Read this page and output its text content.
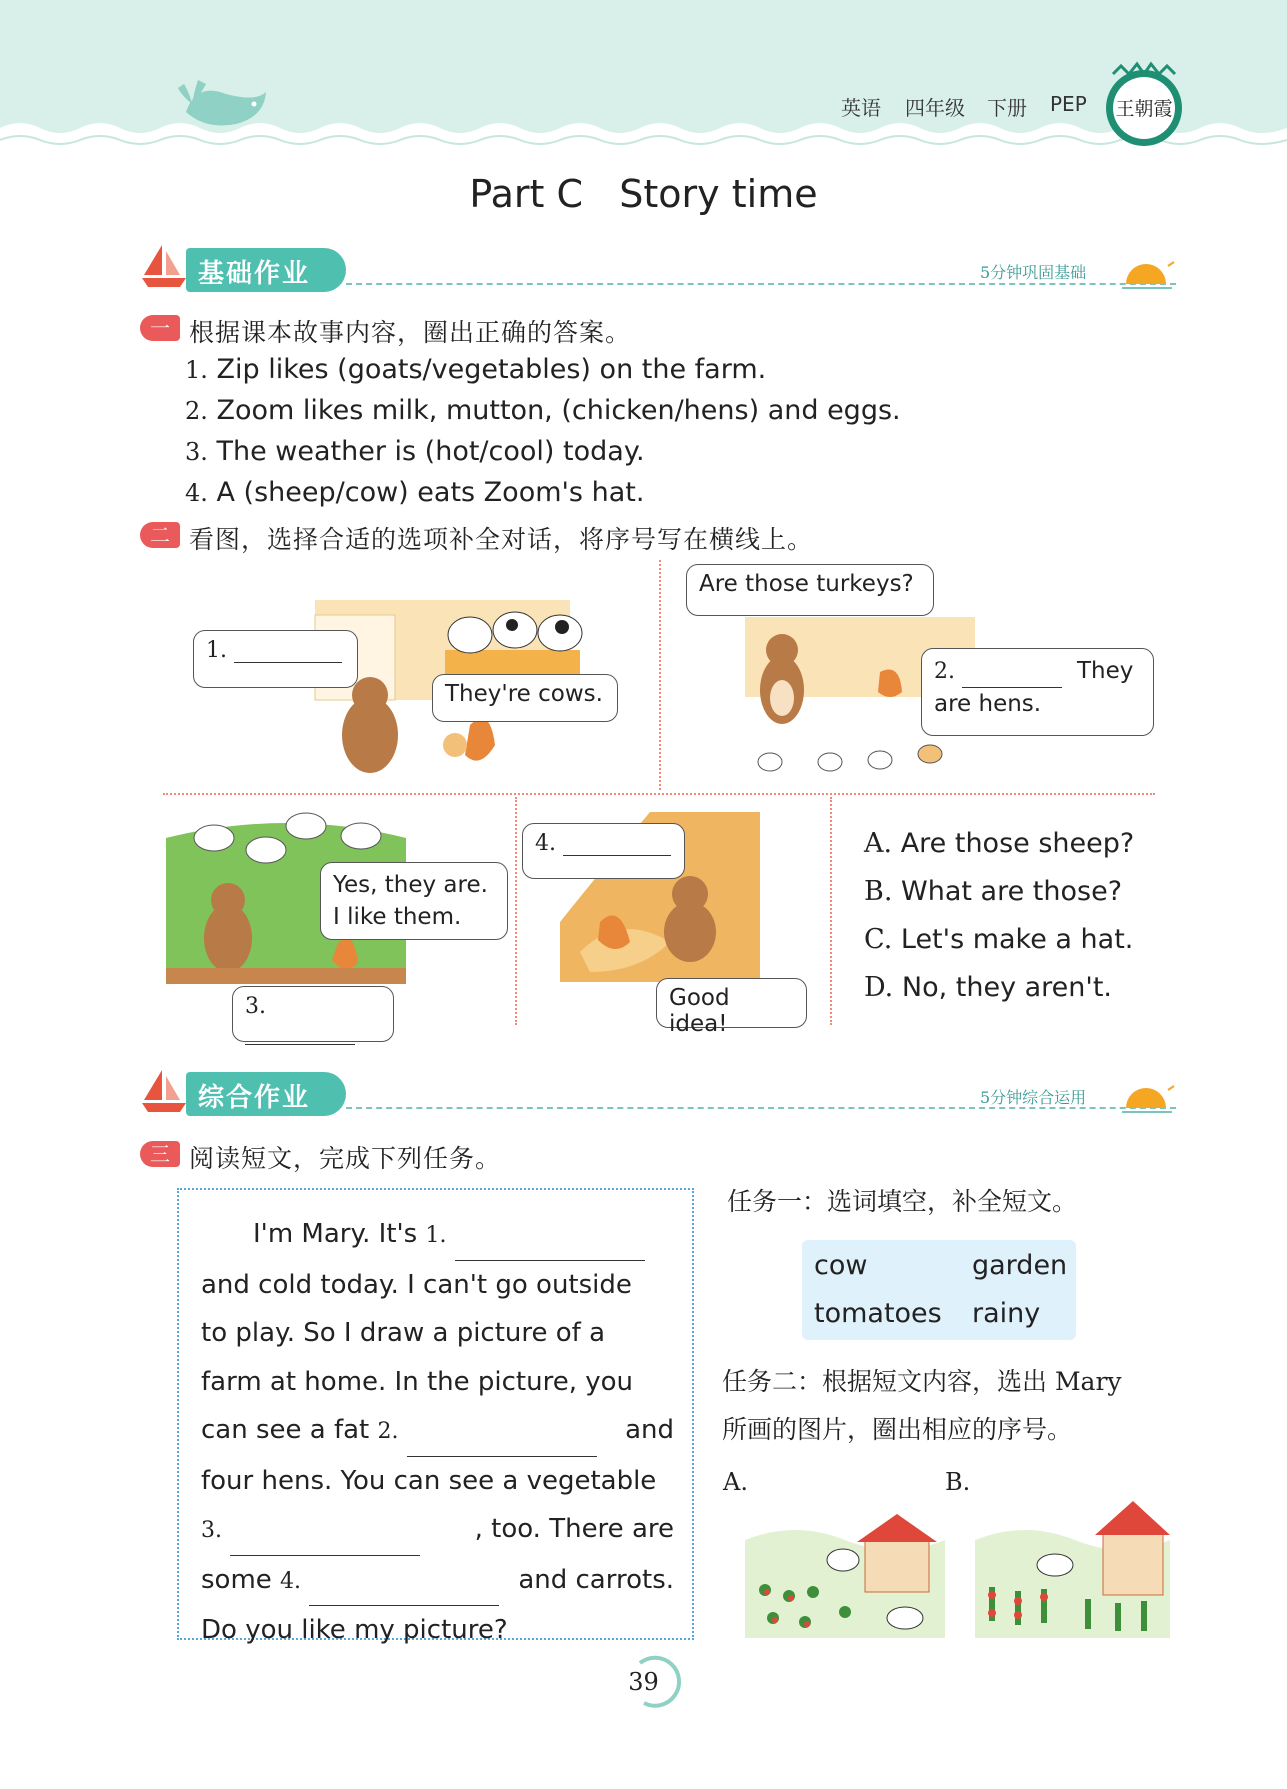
英语 四年级 下册 PEP	王朝霞
Part C   Story time
基础作业	5分钟巩固基础
一 根据课本故事内容，圈出正确的答案。
1. Zip likes (goats/vegetables) on the farm.
2. Zoom likes milk, mutton, (chicken/hens) and eggs.
3. The weather is (hot/cool) today.
4. A (sheep/cow) eats Zoom's hat.
二 看图，选择合适的选项补全对话，将序号写在横线上。
1.
They're cows.
Are those turkeys?
2.	They
are hens.
Yes, they are.
I like them.
3.
4.
Good idea!
A. Are those sheep?
B. What are those?
C. Let's make a hat.
D. No, they aren't.
综合作业	5分钟综合运用
三 阅读短文，完成下列任务。
I'm Mary. It's 1.
and cold today. I can't go outside
to play. So I draw a picture of a
farm at home. In the picture, you
can see a fat 2.	and
four hens. You can see a vegetable
3.	, too. There are
some 4.	and carrots.
Do you like my picture?
任务一：选词填空，补全短文。
cow	garden
tomatoes rainy
任务二：根据短文内容，选出 Mary
所画的图片，圈出相应的序号。
A.	B.
39
